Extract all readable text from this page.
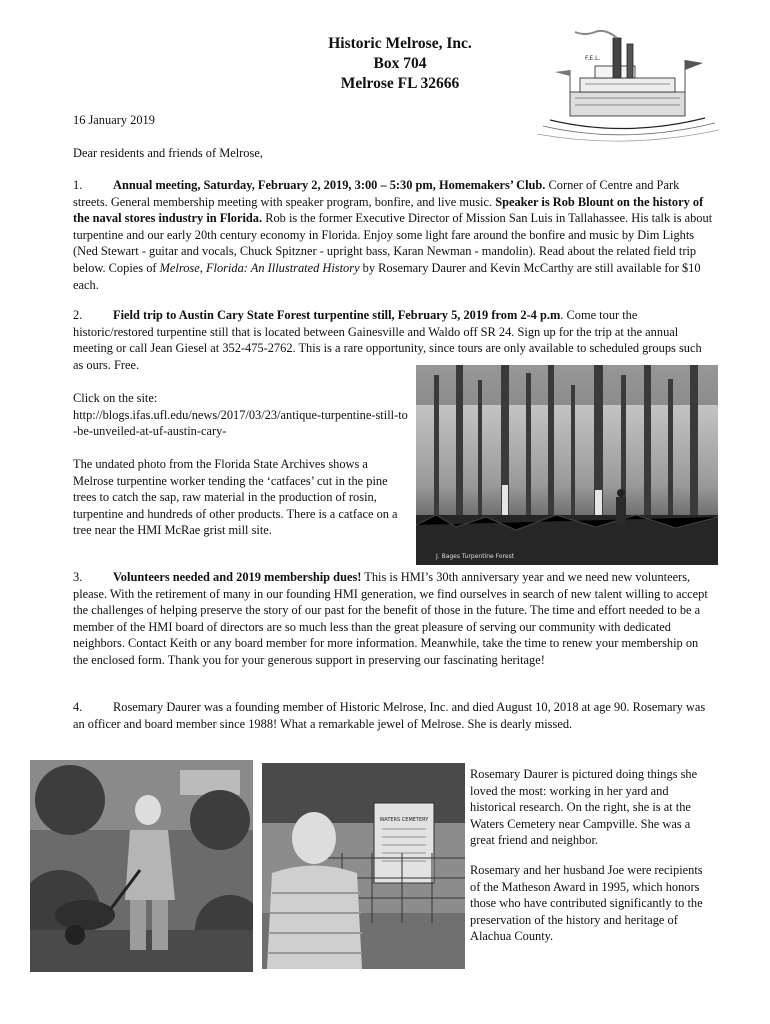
Historic Melrose, Inc.
Box 704
Melrose FL 32666
F.E.L.
16 January 2019
Dear residents and friends of Melrose,
1. Annual meeting, Saturday, February 2, 2019, 3:00 – 5:30 pm, Homemakers’ Club. Corner of Centre and Park streets. General membership meeting with speaker program, bonfire, and live music. Speaker is Rob Blount on the history of the naval stores industry in Florida. Rob is the former Executive Director of Mission San Luis in Tallahassee. His talk is about turpentine and our early 20th century economy in Florida. Enjoy some light fare around the bonfire and music by Dim Lights (Ned Stewart - guitar and vocals, Chuck Spitzner - upright bass, Karan Newman - mandolin). Read about the related field trip below. Copies of Melrose, Florida: An Illustrated History by Rosemary Daurer and Kevin McCarthy are still available for $10 each.
2. Field trip to Austin Cary State Forest turpentine still, February 5, 2019 from 2-4 p.m. Come tour the historic/restored turpentine still that is located between Gainesville and Waldo off SR 24. Sign up for the trip at the annual meeting or call Jean Giesel at 352-475-2762. This is a rare opportunity, since tours are only available to scheduled groups such as ours. Free.
Click on the site:
http://blogs.ifas.ufl.edu/news/2017/03/23/antique-turpentine-still-to-be-unveiled-at-uf-austin-cary-
The undated photo from the Florida State Archives shows a Melrose turpentine worker tending the ‘catfaces’ cut in the pine trees to catch the sap, raw material in the production of rosin, turpentine and hundreds of other products. There is a catface on a tree near the HMI McRae grist mill site.
J. Bages Turpentine Forest
3. Volunteers needed and 2019 membership dues! This is HMI’s 30th anniversary year and we need new volunteers, please. With the retirement of many in our founding HMI generation, we find ourselves in search of new talent willing to accept the challenges of helping preserve the story of our past for the benefit of those in the future. The time and effort needed to be a member of the HMI board of directors are so much less than the great pleasure of serving our community with dedicated neighbors. Contact Keith or any board member for more information. Meanwhile, take the time to renew your membership on the enclosed form. Thank you for your generous support in preserving our fascinating heritage!
4. Rosemary Daurer was a founding member of Historic Melrose, Inc. and died August 10, 2018 at age 90. Rosemary was an officer and board member since 1988! What a remarkable jewel of Melrose. She is dearly missed.
WATERS CEMETERY
Rosemary Daurer is pictured doing things she loved the most: working in her yard and historical research. On the right, she is at the Waters Cemetery near Campville. She was a great friend and neighbor.
Rosemary and her husband Joe were recipients of the Matheson Award in 1995, which honors those who have contributed significantly to the preservation of the history and heritage of Alachua County.
